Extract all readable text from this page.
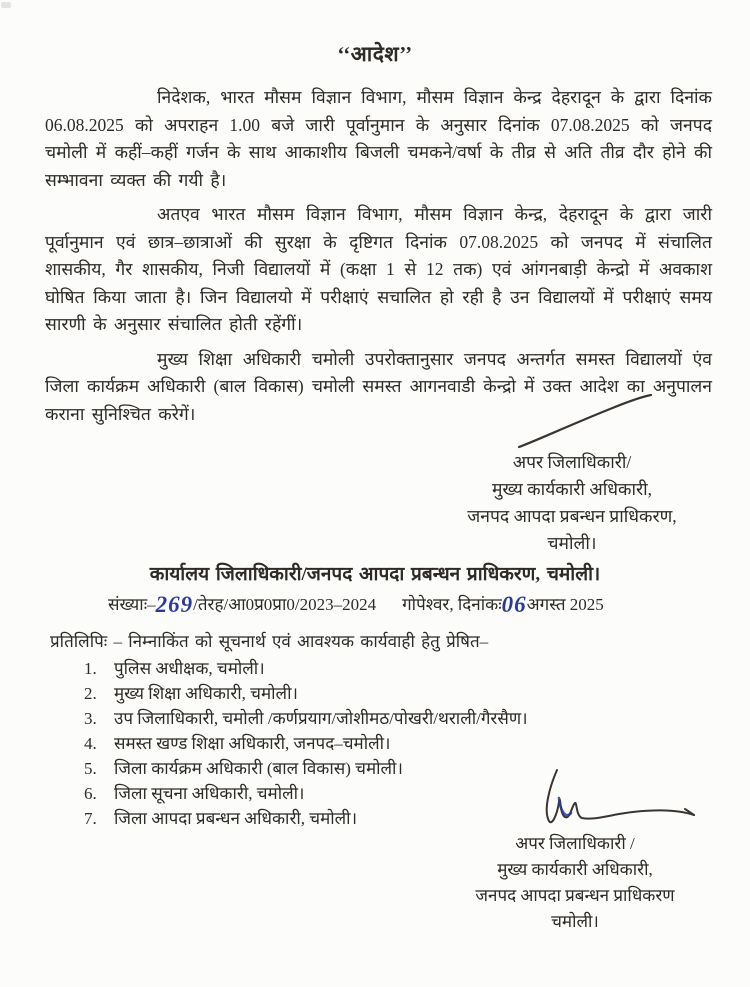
‘‘आदेश’’

निदेशक, भारत मौसम विज्ञान विभाग, मौसम विज्ञान केन्द्र देहरादून के द्वारा दिनांक 06.08.2025 को अपराहन 1.00 बजे जारी पूर्वानुमान के अनुसार दिनांक 07.08.2025 को जनपद चमोली में कहीं–कहीं गर्जन के साथ आकाशीय बिजली चमकने/वर्षा के तीव्र से अति तीव्र दौर होने की सम्भावना व्यक्त की गयी है।

अतएव भारत मौसम विज्ञान विभाग, मौसम विज्ञान केन्द्र, देहरादून के द्वारा जारी पूर्वानुमान एवं छात्र–छात्राओं की सुरक्षा के दृष्टिगत दिनांक 07.08.2025 को जनपद में संचालित शासकीय, गैर शासकीय, निजी विद्यालयों में (कक्षा 1 से 12 तक) एवं आंगनबाड़ी केन्द्रो में अवकाश घोषित किया जाता है। जिन विद्यालयो में परीक्षाएं सचालित हो रही है उन विद्यालयों में परीक्षाएं समय सारणी के अनुसार संचालित होती रहेंगीं।

मुख्य शिक्षा अधिकारी चमोली उपरोक्तानुसार जनपद अन्तर्गत समस्त विद्यालयों एंव जिला कार्यक्रम अधिकारी (बाल विकास) चमोली समस्त आगनवाडी केन्द्रो में उक्त आदेश का अनुपालन कराना सुनिश्चित करेगें।

अपर जिलाधिकारी/
मुख्य कार्यकारी अधिकारी,
जनपद आपदा प्रबन्धन प्राधिकरण,
चमोली।
कार्यालय जिलाधिकारी/जनपद आपदा प्रबन्धन प्राधिकरण, चमोली।
संख्याः–269/तेरह/आ0प्र0प्रा0/2023–2024 गोपेश्वर, दिनांकः06अगस्त 2025
प्रतिलिपिः – निम्नाकिंत को सूचनार्थ एवं आवश्यक कार्यवाही हेतु प्रेषित–
1.	पुलिस अधीक्षक, चमोली।
2.	मुख्य शिक्षा अधिकारी, चमोली।
3.	उप जिलाधिकारी, चमोली /कर्णप्रयाग/जोशीमठ/पोखरी/थराली/गैरसैण।
4.	समस्त खण्ड शिक्षा अधिकारी, जनपद–चमोली।
5.	जिला कार्यक्रम अधिकारी (बाल विकास) चमोली।
6.	जिला सूचना अधिकारी, चमोली।
7.	जिला आपदा प्रबन्धन अधिकारी, चमोली।
अपर जिलाधिकारी /
मुख्य कार्यकारी अधिकारी,
जनपद आपदा प्रबन्धन प्राधिकरण
चमोली।
